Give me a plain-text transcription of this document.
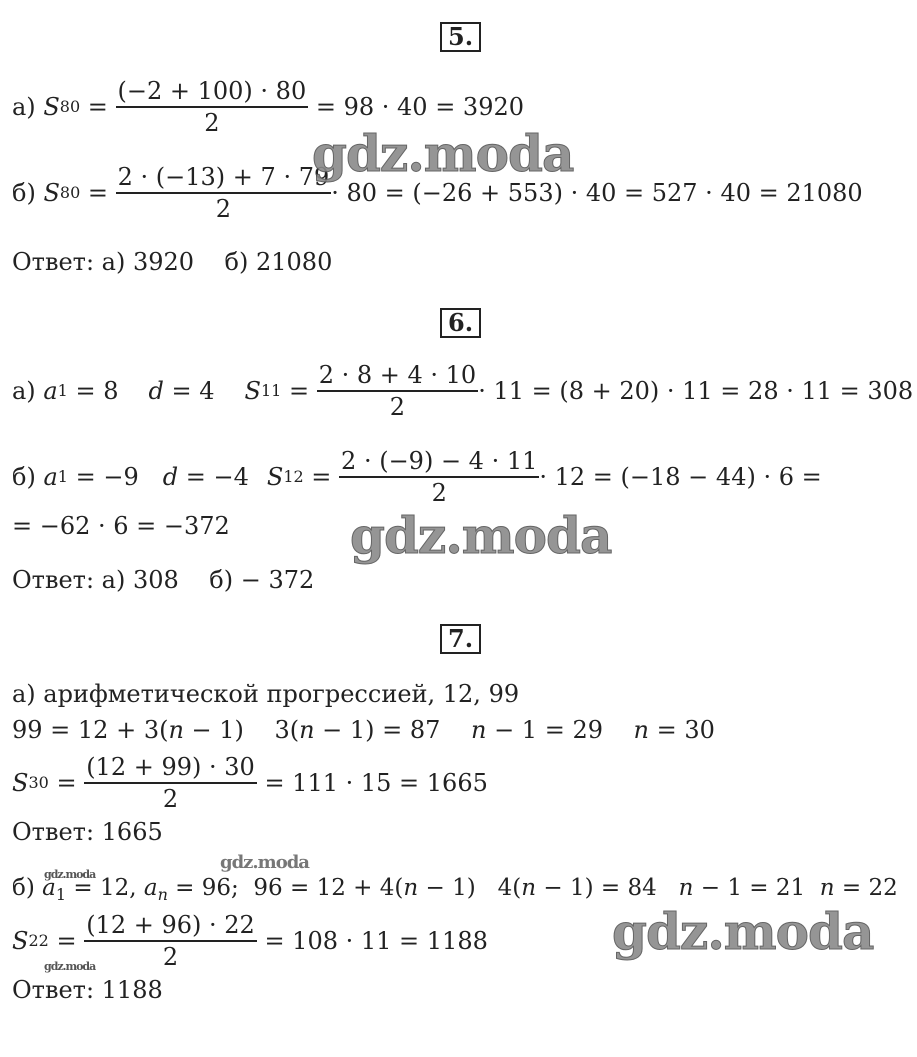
5.
а)
S $80 = \frac{(-2 + 100) \cdot 80}{2}$
= 98 · 40 = 3920
б)
S $80 = \frac{2 \cdot (-13) + 7 \cdot 79}{2} \cdot 80 = (-26 + 553) \cdot 40 = 527 \cdot 40 = 21080$
Ответ: а) 3920    б) 21080
6.
а)
a 1
= 8 d
= 4 S $11 = \frac{2 \cdot 8 + 4 \cdot 10}{2} \cdot 11 = (8 + 20) \cdot 11 = 28 \cdot 11 = 308$
б)
a 1
= −9 d
= −4 S $12 = \frac{2 \cdot (-9) - 4 \cdot 11}{2} \cdot 12 = (-18 - 44) \cdot 6$ =
= −62 · 6 = −372
Ответ: а) 308    б) − 372
7.
а) арифметической прогрессией, 12, 99
99 = 12 + 3(n − 1)    3(n − 1) = 87    n − 1 = 29    n = 30
S $30 = \frac{(12 + 99) \cdot 30}{2}$
= 111 · 15 = 1665
Ответ: 1665
б) $a_1 = 12$, $a_n = 96$;  96 = 12 + 4(n − 1)   4(n − 1) = 84   n − 1 = 21  n = 22
S $22 = \frac{(12 + 96) \cdot 22}{2}$
= 108 · 11 = 1188
Ответ: 1188
gdz.moda
gdz.moda
gdz.moda
gdz.moda
gdz.moda
gdz.moda
